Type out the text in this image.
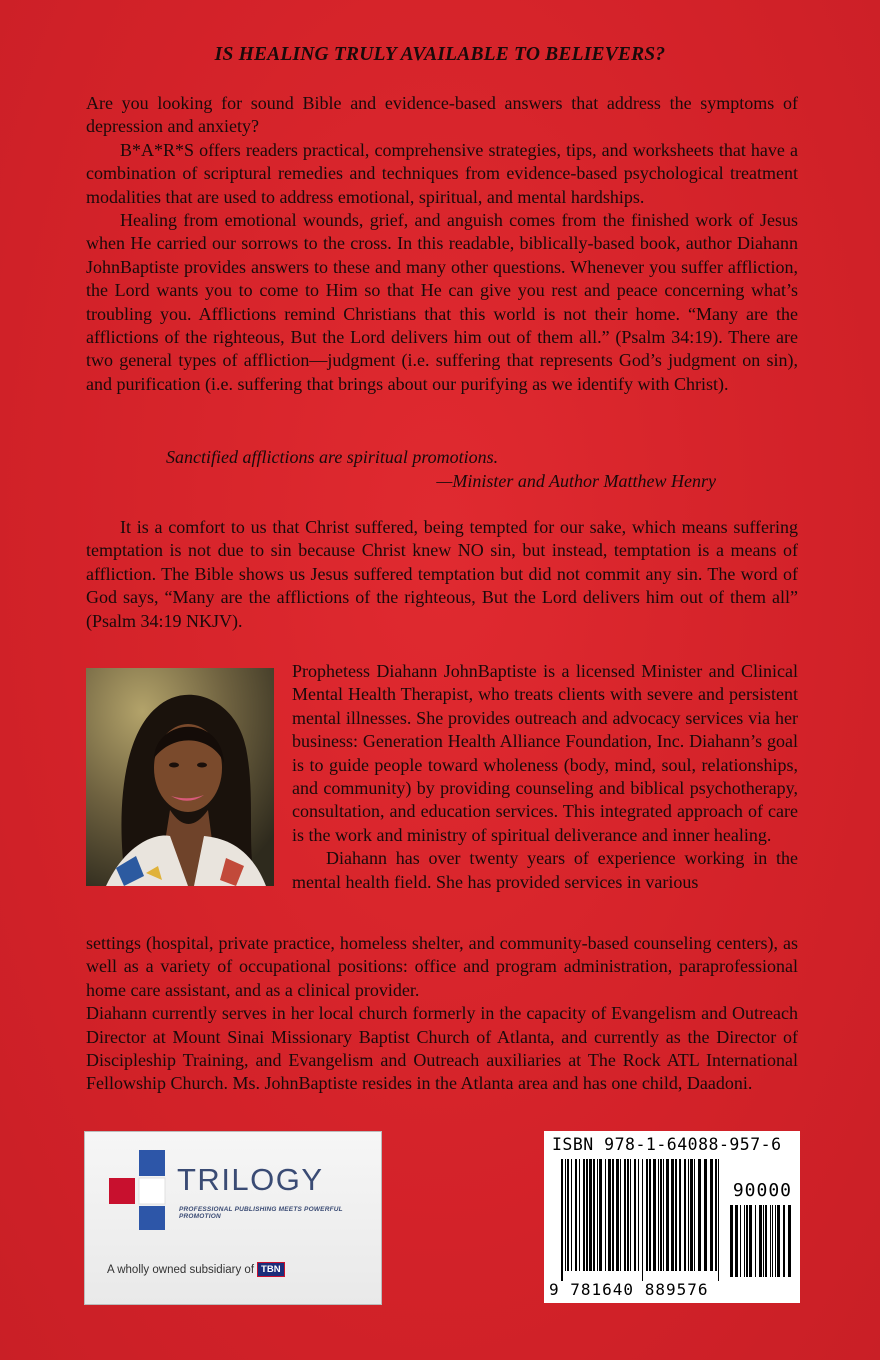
IS HEALING TRULY AVAILABLE TO BELIEVERS?

Are you looking for sound Bible and evidence-based answers that address the symptoms of depression and anxiety?

B*A*R*S offers readers practical, comprehensive strategies, tips, and worksheets that have a combination of scriptural remedies and techniques from evidence-based psychological treatment modalities that are used to address emotional, spiritual, and mental hardships.

Healing from emotional wounds, grief, and anguish comes from the finished work of Jesus when He carried our sorrows to the cross. In this readable, biblically-based book, author Diahann JohnBaptiste provides answers to these and many other questions. Whenever you suffer affliction, the Lord wants you to come to Him so that He can give you rest and peace concerning what’s troubling you. Afflictions remind Christians that this world is not their home. “Many are the afflictions of the righteous, But the Lord delivers him out of them all.” (Psalm 34:19). There are two general types of affliction—judgment (i.e. suffering that represents God’s judgment on sin), and purification (i.e. suffering that brings about our purifying as we identify with Christ).

Sanctified afflictions are spiritual promotions.
—Minister and Author Matthew Henry

It is a comfort to us that Christ suffered, being tempted for our sake, which means suffering temptation is not due to sin because Christ knew NO sin, but instead, temptation is a means of affliction. The Bible shows us Jesus suffered temptation but did not commit any sin. The word of God says, “Many are the afflictions of the righteous, But the Lord delivers him out of them all” (Psalm 34:19 NKJV).

Prophetess Diahann JohnBaptiste is a licensed Minister and Clinical Mental Health Therapist, who treats clients with severe and persistent mental illnesses. She provides outreach and advocacy services via her business: Generation Health Alliance Foundation, Inc. Diahann’s goal is to guide people toward wholeness (body, mind, soul, relationships, and community) by providing counseling and biblical psychotherapy, consultation, and education services. This integrated approach of care is the work and ministry of spiritual deliverance and inner healing.

Diahann has over twenty years of experience working in the mental health field. She has provided services in various

settings (hospital, private practice, homeless shelter, and community-based counseling centers), as well as a variety of occupational positions: office and program administration, paraprofessional home care assistant, and as a clinical provider.

Diahann currently serves in her local church formerly in the capacity of Evangelism and Outreach Director at Mount Sinai Missionary Baptist Church of Atlanta, and currently as the Director of Discipleship Training, and Evangelism and Outreach auxiliaries at The Rock ATL International Fellowship Church. Ms. JohnBaptiste resides in the Atlanta area and has one child, Daadoni.

TRILOGY
PROFESSIONAL PUBLISHING MEETS POWERFUL PROMOTION
A wholly owned subsidiary of TBN
ISBN 978-1-64088-957-6
90000
9 781640 889576
